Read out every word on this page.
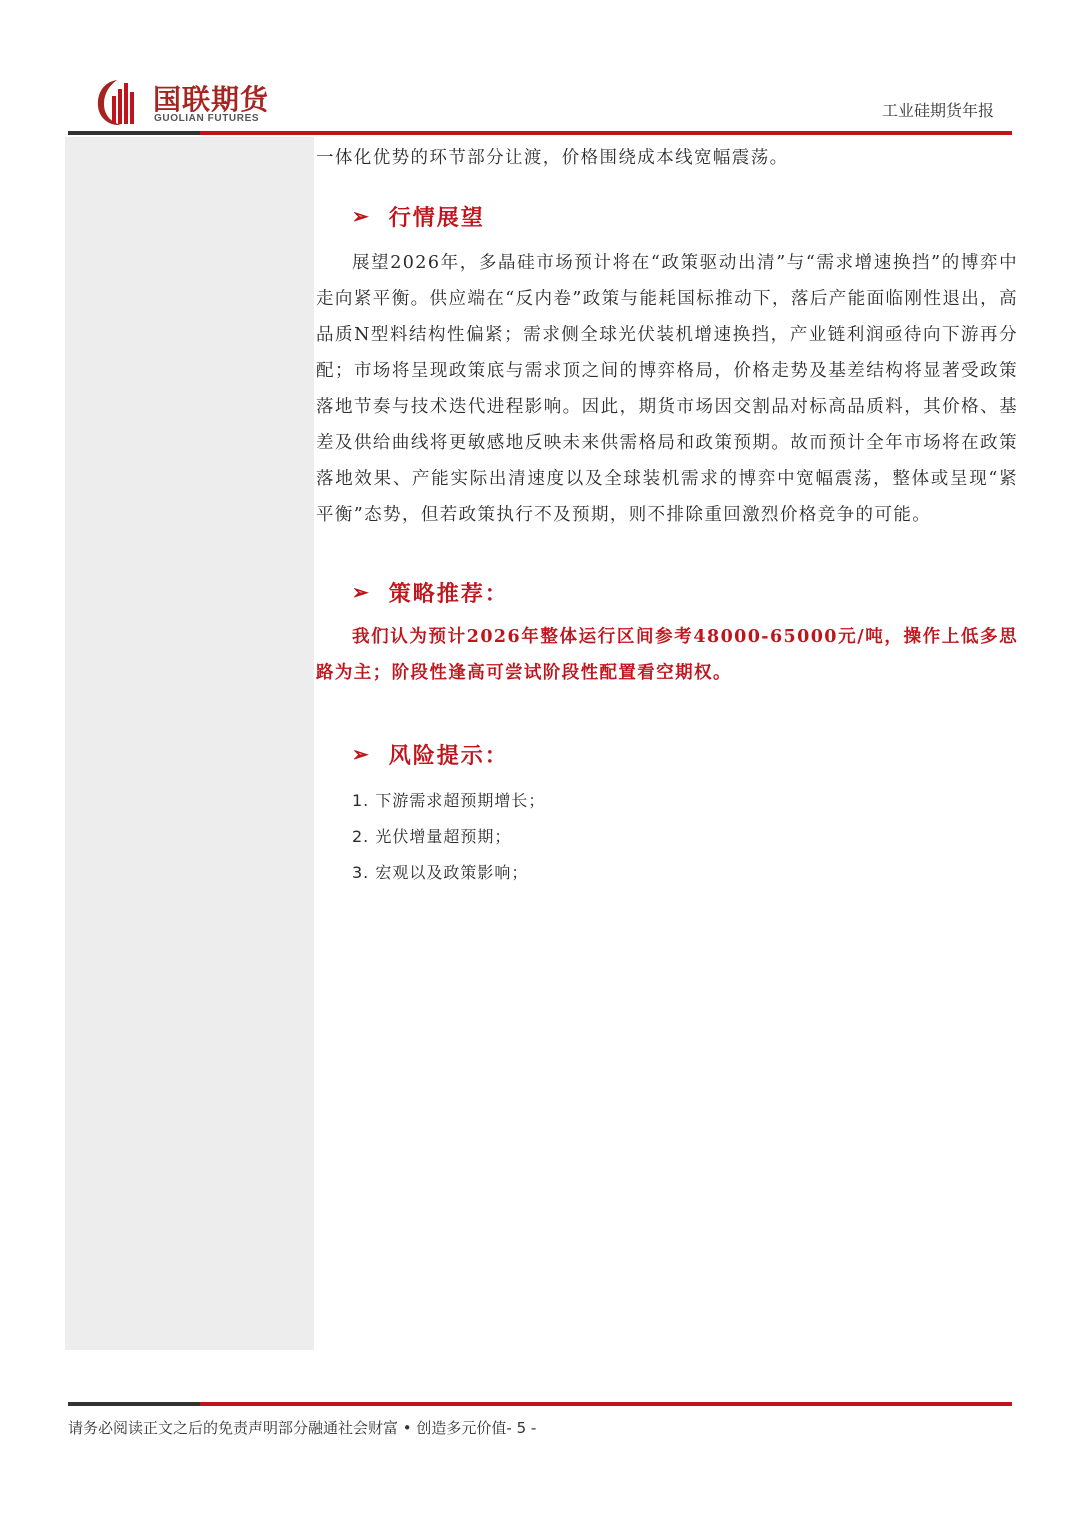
国联期货
GUOLIAN FUTURES	工业硅期货年报

一体化优势的环节部分让渡，价格围绕成本线宽幅震荡。

➢ 行情展望

展望2026年，多晶硅市场预计将在“政策驱动出清”与“需求增速换挡”的博弈中走向紧平衡。供应端在“反内卷”政策与能耗国标推动下，落后产能面临刚性退出，高品质N型料结构性偏紧；需求侧全球光伏装机增速换挡，产业链利润亟待向下游再分配；市场将呈现政策底与需求顶之间的博弈格局，价格走势及基差结构将显著受政策落地节奏与技术迭代进程影响。因此，期货市场因交割品对标高品质料，其价格、基差及供给曲线将更敏感地反映未来供需格局和政策预期。故而预计全年市场将在政策落地效果、产能实际出清速度以及全球装机需求的博弈中宽幅震荡，整体或呈现“紧平衡”态势，但若政策执行不及预期，则不排除重回激烈价格竞争的可能。

➢ 策略推荐：

我们认为预计2026年整体运行区间参考48000-65000元/吨，操作上低多思路为主；阶段性逢高可尝试阶段性配置看空期权。

➢ 风险提示：
1. 下游需求超预期增长；
2. 光伏增量超预期；
3. 宏观以及政策影响；
请务必阅读正文之后的免责声明部分融通社会财富 • 创造多元价值- 5 -
